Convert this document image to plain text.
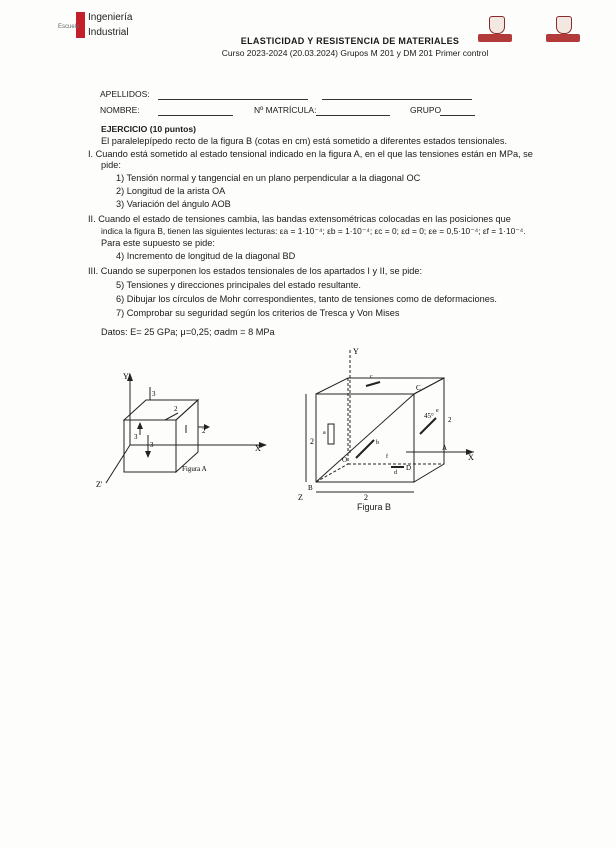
Ingeniería
Industrial
Escuela
ELASTICIDAD Y RESISTENCIA DE MATERIALES
Curso 2023-2024 (20.03.2024) Grupos M 201 y DM 201 Primer control
APELLIDOS:
NOMBRE:	Nº MATRÍCULA:	GRUPO
EJERCICIO (10 puntos)
El paralelepípedo recto de la figura B (cotas en cm) está sometido a diferentes estados tensionales.
I. Cuando está sometido al estado tensional indicado en la figura A, en el que las tensiones están en MPa, se
pide:
1) Tensión normal y tangencial en un plano perpendicular a la diagonal OC
2) Longitud de la arista OA
3) Variación del ángulo AOB
II. Cuando el estado de tensiones cambia, las bandas extensométricas colocadas en las posiciones que
indica la figura B, tienen las siguientes lecturas: εa = 1·10⁻⁴; εb = 1·10⁻⁴; εc = 0; εd = 0; εe = 0,5·10⁻⁴; εf = 1·10⁻⁴.
Para este supuesto se pide:
4) Incremento de longitud de la diagonal BD
III. Cuando se superponen los estados tensionales de los apartados I y II, se pide:
5) Tensiones y direcciones principales del estado resultante.
6) Dibujar los círculos de Mohr correspondientes, tanto de tensiones como de deformaciones.
7) Comprobar su seguridad según los criterios de Tresca y Von Mises
Datos: E= 25 GPa; μ=0,25; σadm = 8 MPa
Y'
X'
Z'
3
2
3
2
3
Figura A
2
2
2
45°
A
B
C
D
O	X
Y
Z
a
b
c
d
e
f
Figura B
